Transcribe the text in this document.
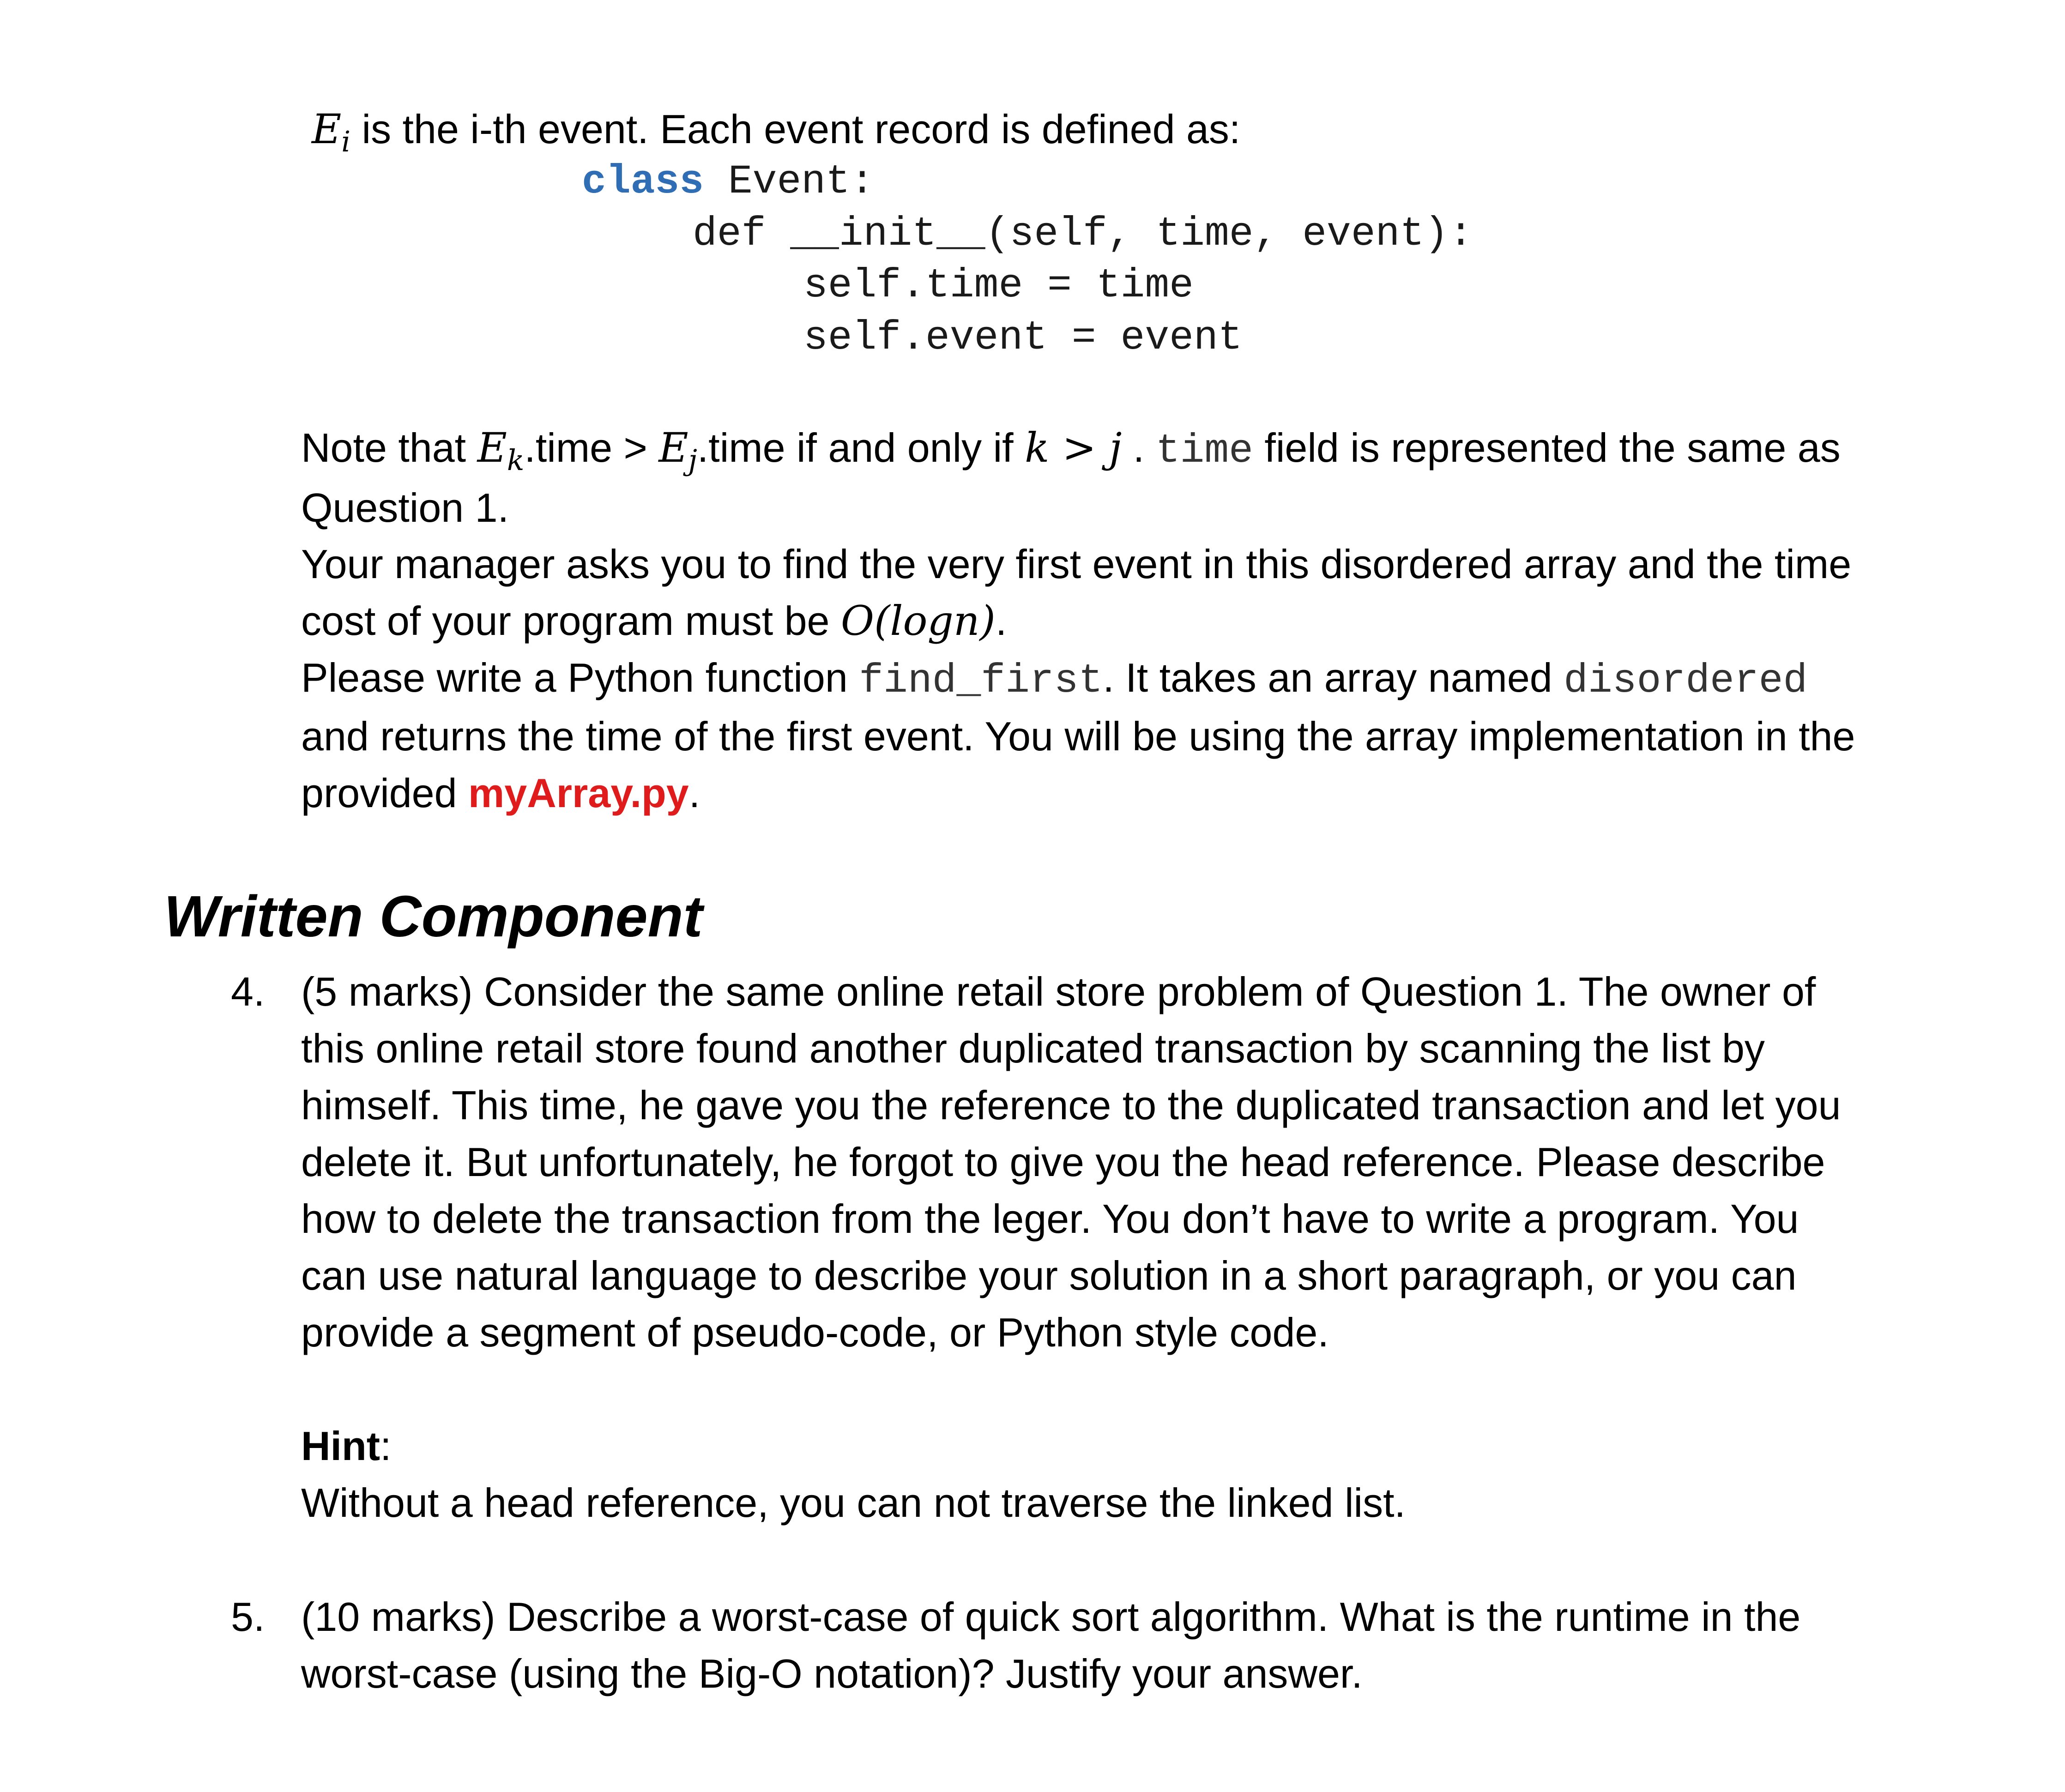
$E_i$ is the i-th event. Each event record is defined as:
class Event:
def __init__(self, time, event):
self.time = time
self.event = event
Note that $E_k.time$ > $E_j.time$ if and only if k > j . time field is represented the same as
Question 1.
Your manager asks you to find the very first event in this disordered array and the time
cost of your program must be O(logn).
Please write a Python function find_first. It takes an array named disordered
and returns the time of the first event. You will be using the array implementation in the
provided myArray.py.
Written Component
4. (5 marks) Consider the same online retail store problem of Question 1. The owner of
this online retail store found another duplicated transaction by scanning the list by
himself. This time, he gave you the reference to the duplicated transaction and let you
delete it. But unfortunately, he forgot to give you the head reference. Please describe
how to delete the transaction from the leger. You don’t have to write a program. You
can use natural language to describe your solution in a short paragraph, or you can
provide a segment of pseudo-code, or Python style code.
Hint:
Without a head reference, you can not traverse the linked list.
5. (10 marks) Describe a worst-case of quick sort algorithm. What is the runtime in the
worst-case (using the Big-O notation)? Justify your answer.
